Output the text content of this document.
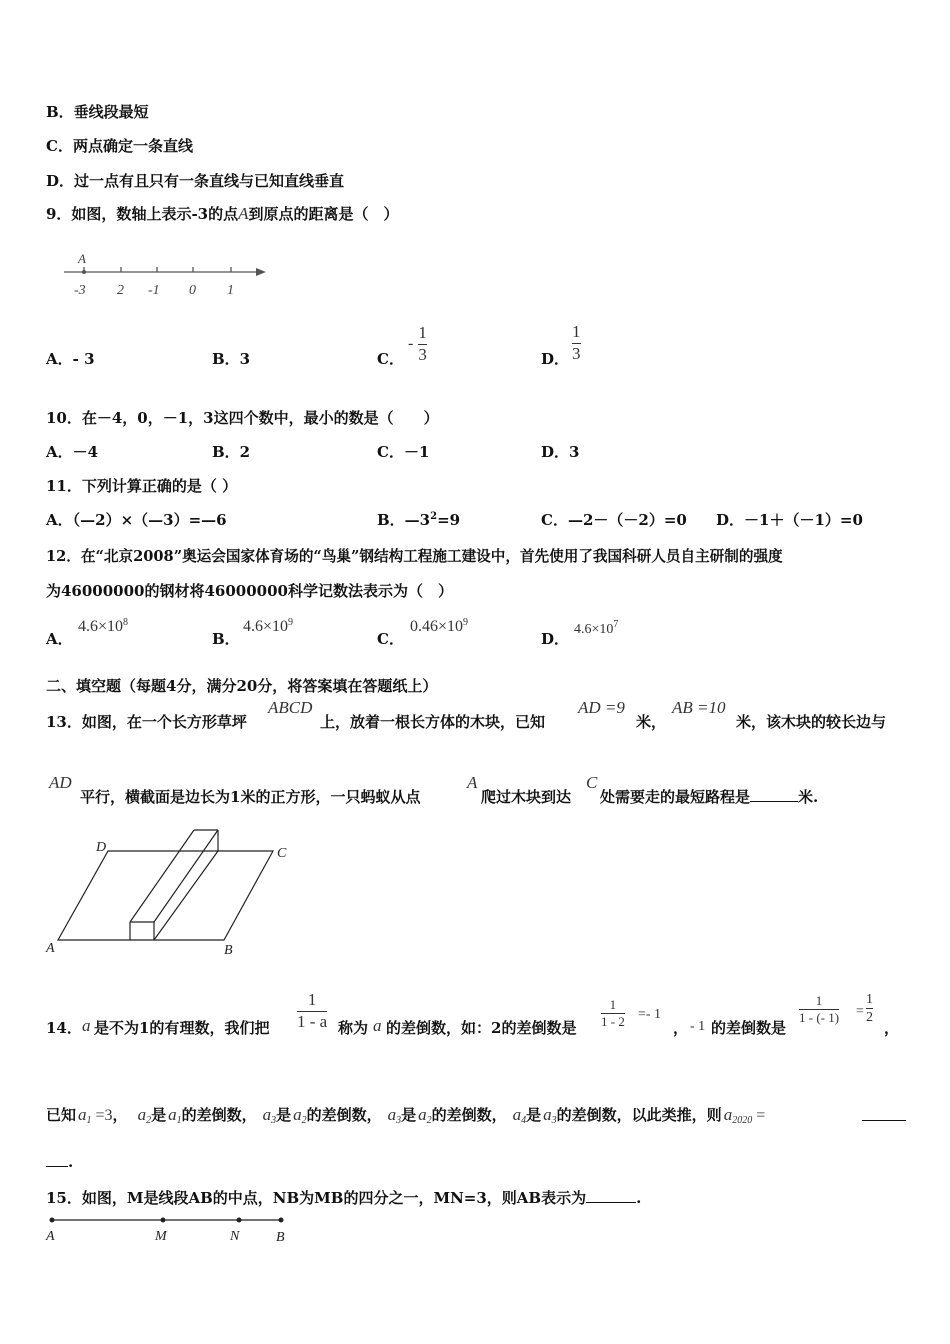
B．垂线段最短
C．两点确定一条直线
D．过一点有且只有一条直线与已知直线垂直
9．如图，数轴上表示-3的点A到原点的距离是（　）
A
-3 2 -1 0 1
A．- 3	B．3	C．
- $\frac{1}{3}$	D． $\frac{1}{3}$
10．在－4，0，－1，3这四个数中，最小的数是（　　）
A．－4	B．2	C．－1	D．3
11．下列计算正确的是（ ）
A．（—2）×（—3）=—6	B．$—3^2=9$	C．—2－（－2）=0 D．－1＋（－1）=0
12．在“北京2008”奥运会国家体育场的“鸟巢”钢结构工程施工建设中，首先使用了我国科研人员自主研制的强度
为46000000的钢材将46000000科学记数法表示为（　）
A．
$4.6\times 10^8$
B．
$4.6\times 10^9$
C．
$0.46\times 10^9$
D．
$4.6\times 10^7$
二、填空题（每题4分，满分20分，将答案填在答题纸上）
13．如图，在一个长方形草坪
ABCD
上，放着一根长方体的木块，已知
AD =9
米，
AB =10
米，该木块的较长边与
AD
平行，横截面是边长为1米的正方形，一只蚂蚁从点
A
爬过木块到达
C
处需要走的最短路程是	米.
A	B
C
D
14． a 是不为1的有理数，我们把 $\frac{1}{1 - a}$ 称为 a 的差倒数，如：2的差倒数是 $\frac{1}{1 - 2} =- 1$
， - 1 的差倒数是
$\frac{1}{1 - (- 1)} = \frac{1}{2}$
，
已知 $a_1 =3$， $a_2$是 $a_1$的差倒数， $a_3$是 $a_2$的差倒数， $a_3$是 $a_2$的差倒数， $a_4$是 $a_3$的差倒数，以此类推，则 $a_{2020}$ =
.
15．如图，M是线段AB的中点，NB为MB的四分之一，MN=3，则AB表示为	.
A	M	N	B
